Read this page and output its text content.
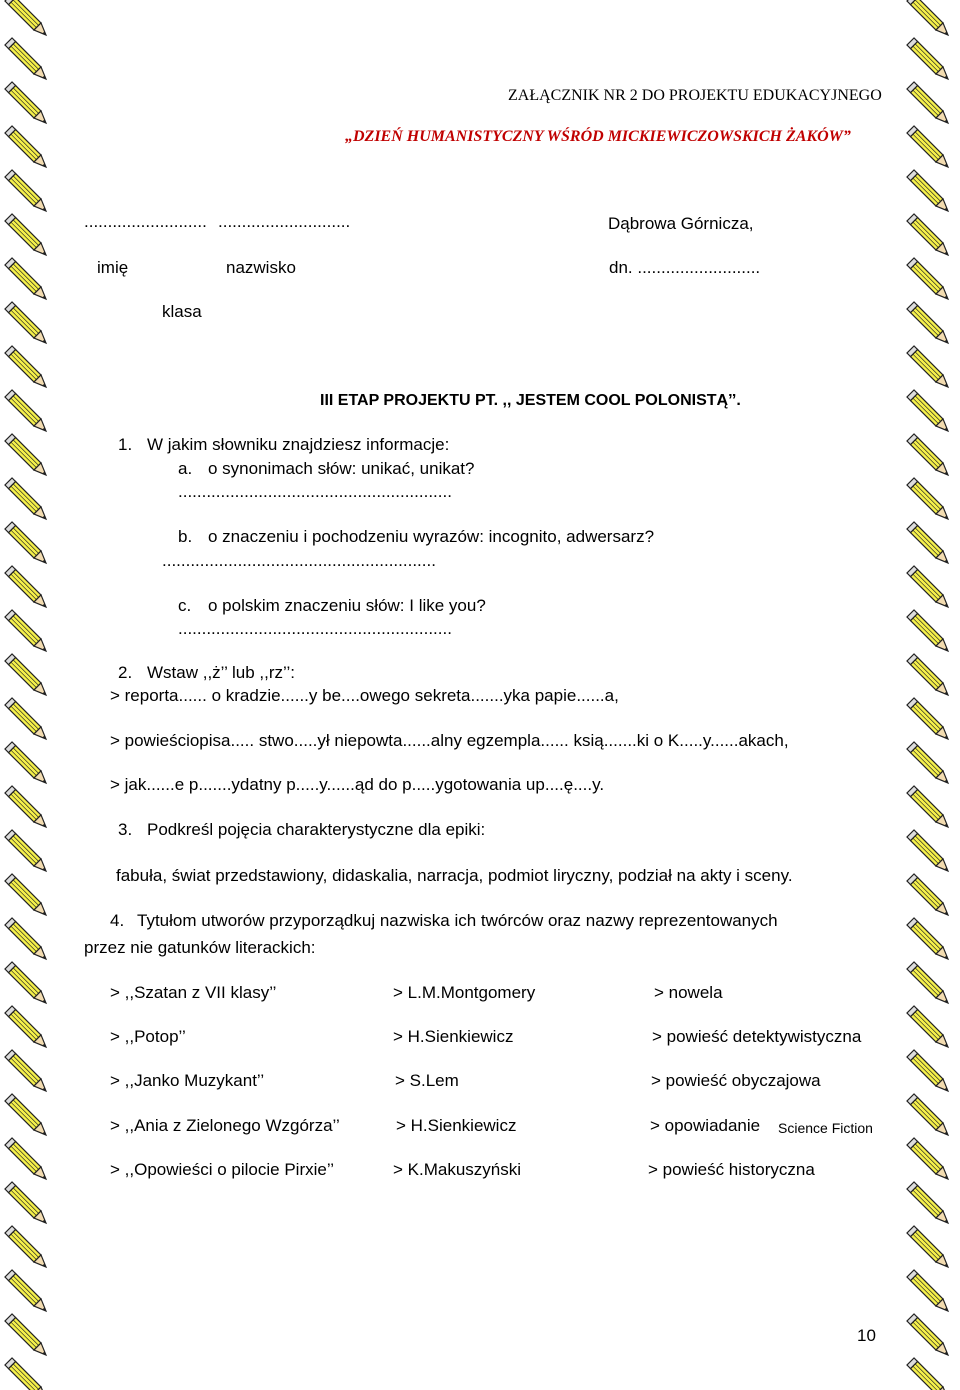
ZAŁĄCZNIK NR 2 DO PROJEKTU EDUKACYJNEGO
„DZIEŃ HUMANISTYCZNY WŚRÓD MICKIEWICZOWSKICH ŻAKÓW”
.......................... ............................	Dąbrowa Górnicza,
imię	nazwisko	dn. ..........................
klasa
III ETAP PROJEKTU PT. ,, JESTEM COOL POLONISTĄ’’.
1. W jakim słowniku znajdziesz informacje:
a. o synonimach słów: unikać, unikat?
..........................................................
b. o znaczeniu i pochodzeniu wyrazów: incognito, adwersarz?
..........................................................
c. o polskim znaczeniu słów: I like you?
..........................................................
2. Wstaw ,,ż’’ lub ,,rz’’:
> reporta...... o kradzie......y be....owego sekreta.......yka papie......a,
> powieściopisa..... stwo.....ył niepowta......alny egzempla...... ksią.......ki o K.....y......akach,
> jak......e p.......ydatny p.....y......ąd do p.....ygotowania up....ę....y.
3. Podkreśl pojęcia charakterystyczne dla epiki:
fabuła, świat przedstawiony, didaskalia, narracja, podmiot liryczny, podział na akty i sceny.
4. Tytułom utworów przyporządkuj nazwiska ich twórców oraz nazwy reprezentowanych
przez nie gatunków literackich:
> ,,Szatan z VII klasy’’	> L.M.Montgomery	> nowela
> ,,Potop’’	> H.Sienkiewicz	> powieść detektywistyczna
> ,,Janko Muzykant’’	> S.Lem	> powieść obyczajowa
> ,,Ania z Zielonego Wzgórza’’	> H.Sienkiewicz	> opowiadanie Science Fiction
> ,,Opowieści o pilocie Pirxie’’	> K.Makuszyński	> powieść historyczna
10
